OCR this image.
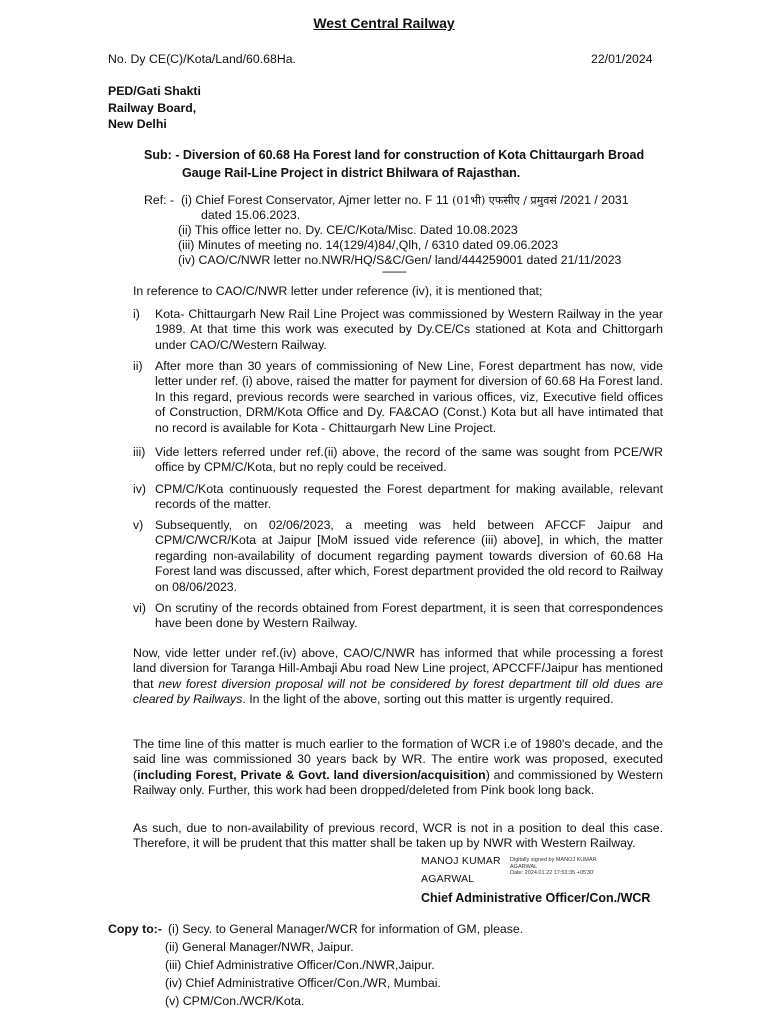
West Central Railway
No. Dy CE(C)/Kota/Land/60.68Ha.	22/01/2024
PED/Gati Shakti
Railway Board,
New Delhi
Sub: - Diversion of 60.68 Ha Forest land for construction of Kota Chittaurgarh Broad
Gauge Rail-Line Project in district Bhilwara of Rajasthan.
Ref: - (i) Chief Forest Conservator, Ajmer letter no. F 11 (01भी) एफसीए / प्रमुवसं /2021 / 2031
dated 15.06.2023.
(ii) This office letter no. Dy. CE/C/Kota/Misc. Dated 10.08.2023
(iii) Minutes of meeting no. 14(129/4)84/,Qlh, / 6310 dated 09.06.2023
(iv) CAO/C/NWR letter no.NWR/HQ/S&C/Gen/ land/444259001 dated 21/11/2023
---------
In reference to CAO/C/NWR letter under reference (iv), it is mentioned that;
i) Kota- Chittaurgarh New Rail Line Project was commissioned by Western Railway in the year 1989. At that time this work was executed by Dy.CE/Cs stationed at Kota and Chittorgarh under CAO/C/Western Railway.
ii) After more than 30 years of commissioning of New Line, Forest department has now, vide letter under ref. (i) above, raised the matter for payment for diversion of 60.68 Ha Forest land. In this regard, previous records were searched in various offices, viz, Executive field offices of Construction, DRM/Kota Office and Dy. FA&CAO (Const.) Kota but all have intimated that no record is available for Kota - Chittaurgarh New Line Project.
iii) Vide letters referred under ref.(ii) above, the record of the same was sought from PCE/WR office by CPM/C/Kota, but no reply could be received.
iv) CPM/C/Kota continuously requested the Forest department for making available, relevant records of the matter.
v) Subsequently, on 02/06/2023, a meeting was held between AFCCF Jaipur and CPM/C/WCR/Kota at Jaipur [MoM issued vide reference (iii) above], in which, the matter regarding non-availability of document regarding payment towards diversion of 60.68 Ha Forest land was discussed, after which, Forest department provided the old record to Railway on 08/06/2023.
vi) On scrutiny of the records obtained from Forest department, it is seen that correspondences have been done by Western Railway.
Now, vide letter under ref.(iv) above, CAO/C/NWR has informed that while processing a forest land diversion for Taranga Hill-Ambaji Abu road New Line project, APCCFF/Jaipur has mentioned that new forest diversion proposal will not be considered by forest department till old dues are cleared by Railways. In the light of the above, sorting out this matter is urgently required.
The time line of this matter is much earlier to the formation of WCR i.e of 1980's decade, and the said line was commissioned 30 years back by WR. The entire work was proposed, executed (including Forest, Private & Govt. land diversion/acquisition) and commissioned by Western Railway only. Further, this work had been dropped/deleted from Pink book long back.
As such, due to non-availability of previous record, WCR is not in a position to deal this case. Therefore, it will be prudent that this matter shall be taken up by NWR with Western Railway.
MANOJ KUMAR
AGARWAL
Digitally signed by MANOJ KUMAR
AGARWAL
Date: 2024.01.22 17:53:35 +05'30'
Chief Administrative Officer/Con./WCR
Copy to:- (i) Secy. to General Manager/WCR for information of GM, please.
(ii) General Manager/NWR, Jaipur.
(iii) Chief Administrative Officer/Con./NWR,Jaipur.
(iv) Chief Administrative Officer/Con./WR, Mumbai.
(v) CPM/Con./WCR/Kota.
